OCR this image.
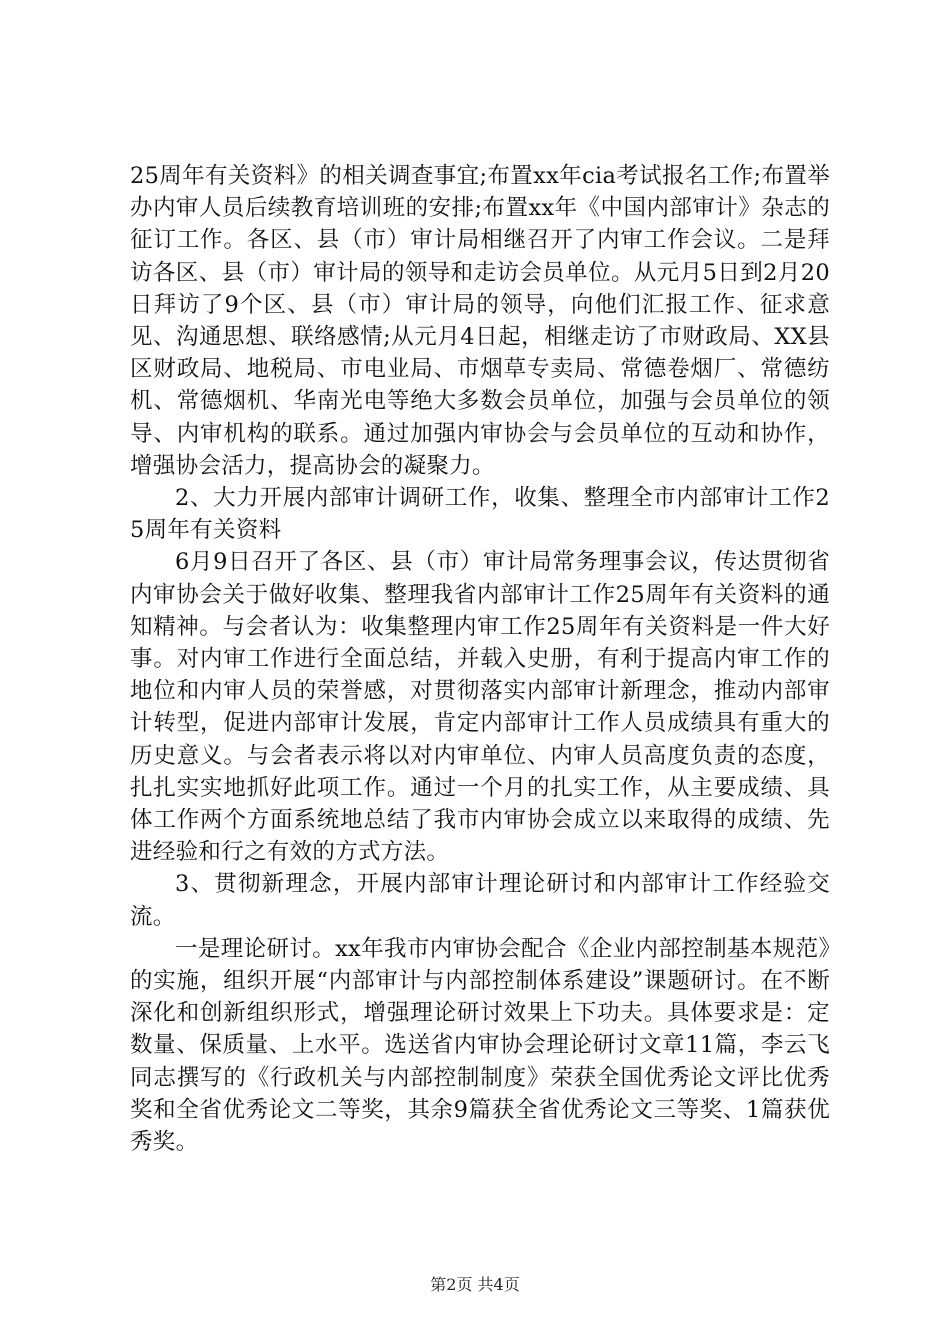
25周年有关资料》的相关调查事宜;布置xx年cia考试报名工作;布置举办内审人员后续教育培训班的安排;布置xx年《中国内部审计》杂志的征订工作。各区、县（市）审计局相继召开了内审工作会议。二是拜访各区、县（市）审计局的领导和走访会员单位。从元月5日到2月20日拜访了9个区、县（市）审计局的领导，向他们汇报工作、征求意见、沟通思想、联络感情;从元月4日起，相继走访了市财政局、XX县区财政局、地税局、市电业局、市烟草专卖局、常德卷烟厂、常德纺机、常德烟机、华南光电等绝大多数会员单位，加强与会员单位的领导、内审机构的联系。通过加强内审协会与会员单位的互动和协作，增强协会活力，提高协会的凝聚力。

2、大力开展内部审计调研工作，收集、整理全市内部审计工作25周年有关资料

6月9日召开了各区、县（市）审计局常务理事会议，传达贯彻省内审协会关于做好收集、整理我省内部审计工作25周年有关资料的通知精神。与会者认为：收集整理内审工作25周年有关资料是一件大好事。对内审工作进行全面总结，并载入史册，有利于提高内审工作的地位和内审人员的荣誉感，对贯彻落实内部审计新理念，推动内部审计转型，促进内部审计发展，肯定内部审计工作人员成绩具有重大的历史意义。与会者表示将以对内审单位、内审人员高度负责的态度，扎扎实实地抓好此项工作。通过一个月的扎实工作，从主要成绩、具体工作两个方面系统地总结了我市内审协会成立以来取得的成绩、先进经验和行之有效的方式方法。

3、贯彻新理念，开展内部审计理论研讨和内部审计工作经验交流。

一是理论研讨。xx年我市内审协会配合《企业内部控制基本规范》的实施，组织开展“内部审计与内部控制体系建设”课题研讨。在不断深化和创新组织形式，增强理论研讨效果上下功夫。具体要求是：定数量、保质量、上水平。选送省内审协会理论研讨文章11篇，李云飞同志撰写的《行政机关与内部控制制度》荣获全国优秀论文评比优秀奖和全省优秀论文二等奖，其余9篇获全省优秀论文三等奖、1篇获优秀奖。

第2页 共4页
